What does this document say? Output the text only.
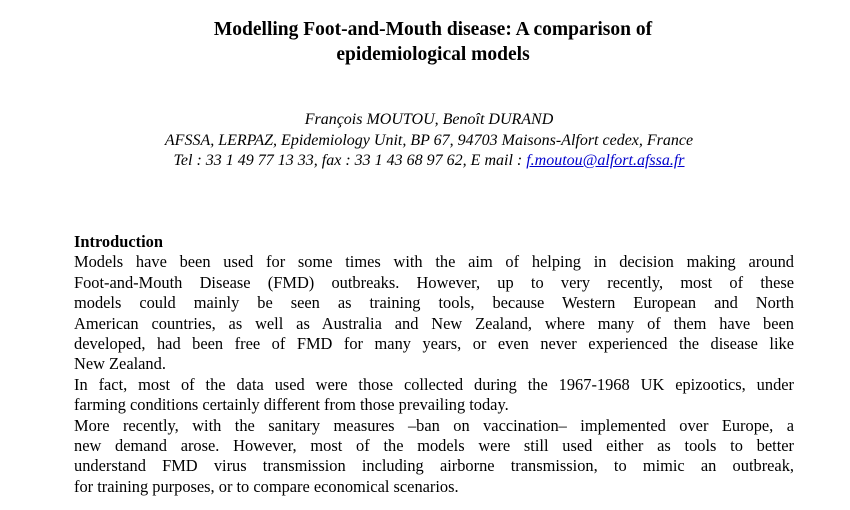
Modelling Foot-and-Mouth disease: A comparison of
epidemiological models
François MOUTOU, Benoît DURAND
AFSSA, LERPAZ, Epidemiology Unit, BP 67, 94703 Maisons-Alfort cedex, France
Tel : 33 1 49 77 13 33, fax : 33 1 43 68 97 62, E mail : f.moutou@alfort.afssa.fr
Introduction
Models have been used for some times with the aim of helping in decision making around
Foot-and-Mouth Disease (FMD) outbreaks. However, up to very recently, most of these
models could mainly be seen as training tools, because Western European and North
American countries, as well as Australia and New Zealand, where many of them have been
developed, had been free of FMD for many years, or even never experienced the disease like
New Zealand.
In fact, most of the data used were those collected during the 1967-1968 UK epizootics, under
farming conditions certainly different from those prevailing today.
More recently, with the sanitary measures –ban on vaccination– implemented over Europe, a
new demand arose. However, most of the models were still used either as tools to better
understand FMD virus transmission including airborne transmission, to mimic an outbreak,
for training purposes, or to compare economical scenarios.
